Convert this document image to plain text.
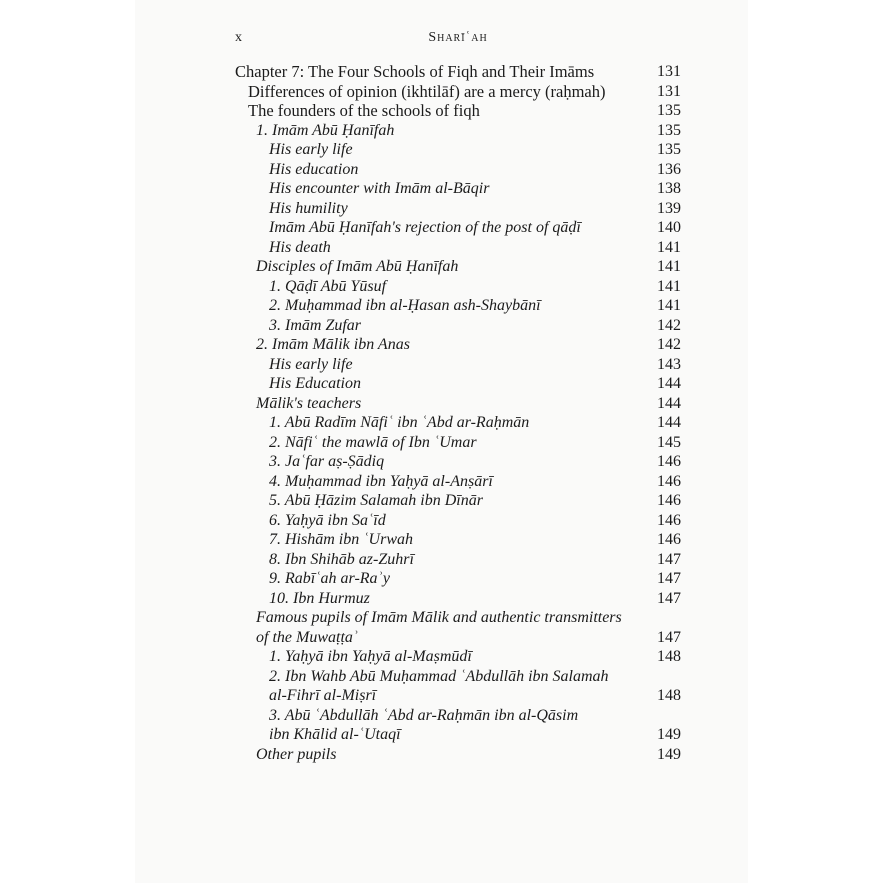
x	Sharīʿah
Chapter 7: The Four Schools of Fiqh and Their Imāms	131
Differences of opinion (ikhtilāf) are a mercy (raḥmah)	131
The founders of the schools of fiqh	135
1. Imām Abū Ḥanīfah	135
His early life	135
His education	136
His encounter with Imām al-Bāqir	138
His humility	139
Imām Abū Ḥanīfah's rejection of the post of qāḍī	140
His death	141
Disciples of Imām Abū Ḥanīfah	141
1. Qāḍī Abū Yūsuf	141
2. Muḥammad ibn al-Ḥasan ash-Shaybānī	141
3. Imām Zufar	142
2. Imām Mālik ibn Anas	142
His early life	143
His Education	144
Mālik's teachers	144
1. Abū Radīm Nāfiʿ ibn ʿAbd ar-Raḥmān	144
2. Nāfiʿ the mawlā of Ibn ʿUmar	145
3. Jaʿfar aṣ-Ṣādiq	146
4. Muḥammad ibn Yaḥyā al-Anṣārī	146
5. Abū Ḥāzim Salamah ibn Dīnār	146
6. Yaḥyā ibn Saʿīd	146
7. Hishām ibn ʿUrwah	146
8. Ibn Shihāb az-Zuhrī	147
9. Rabīʿah ar-Raʾy	147
10. Ibn Hurmuz	147
Famous pupils of Imām Mālik and authentic transmitters
of the Muwaṭṭaʾ	147
1. Yaḥyā ibn Yaḥyā al-Maṣmūdī	148
2. Ibn Wahb Abū Muḥammad ʿAbdullāh ibn Salamah
al-Fihrī al-Miṣrī	148
3. Abū ʿAbdullāh ʿAbd ar-Raḥmān ibn al-Qāsim
ibn Khālid al-ʿUtaqī	149
Other pupils	149
